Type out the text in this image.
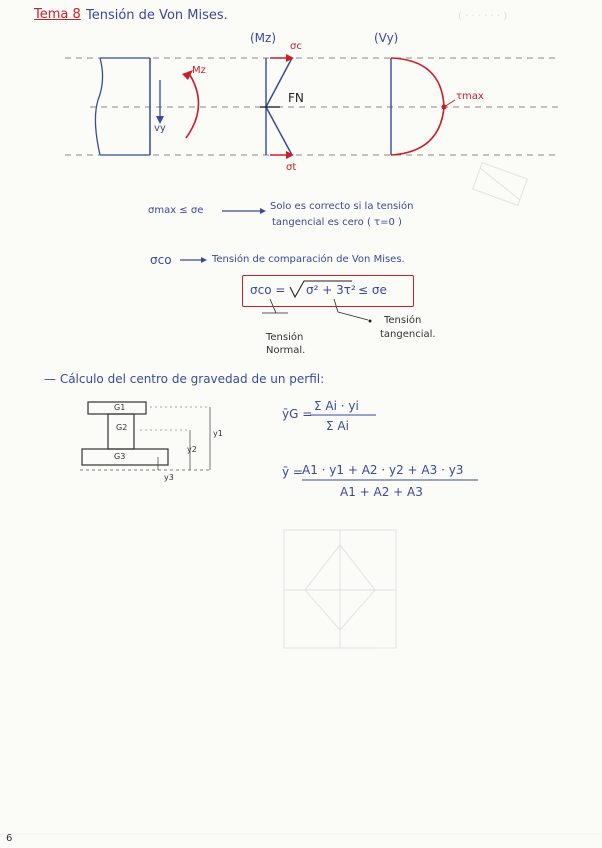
( · · · · · · )
Tema 8 Tensión de Von Mises.
Mz
vy
(Mz)
σc
FN
σt
(Vy)
τmax
σmax ≤ σe	Solo es correcto si la tensión
tangencial es cero ( τ=0 )
σco	Tensión de comparación de Von Mises.
σco = σ² + 3τ² ≤ σe
Tensión
Normal.
Tensión
tangencial.
— Cálculo del centro de gravedad de un perfil:
G1
G2
G3
y1
y2
y3
ȳG =
Σ Ai · yi
Σ Ai
ȳ = A1 · y1 + A2 · y2 + A3 · y3
A1 + A2 + A3
6
